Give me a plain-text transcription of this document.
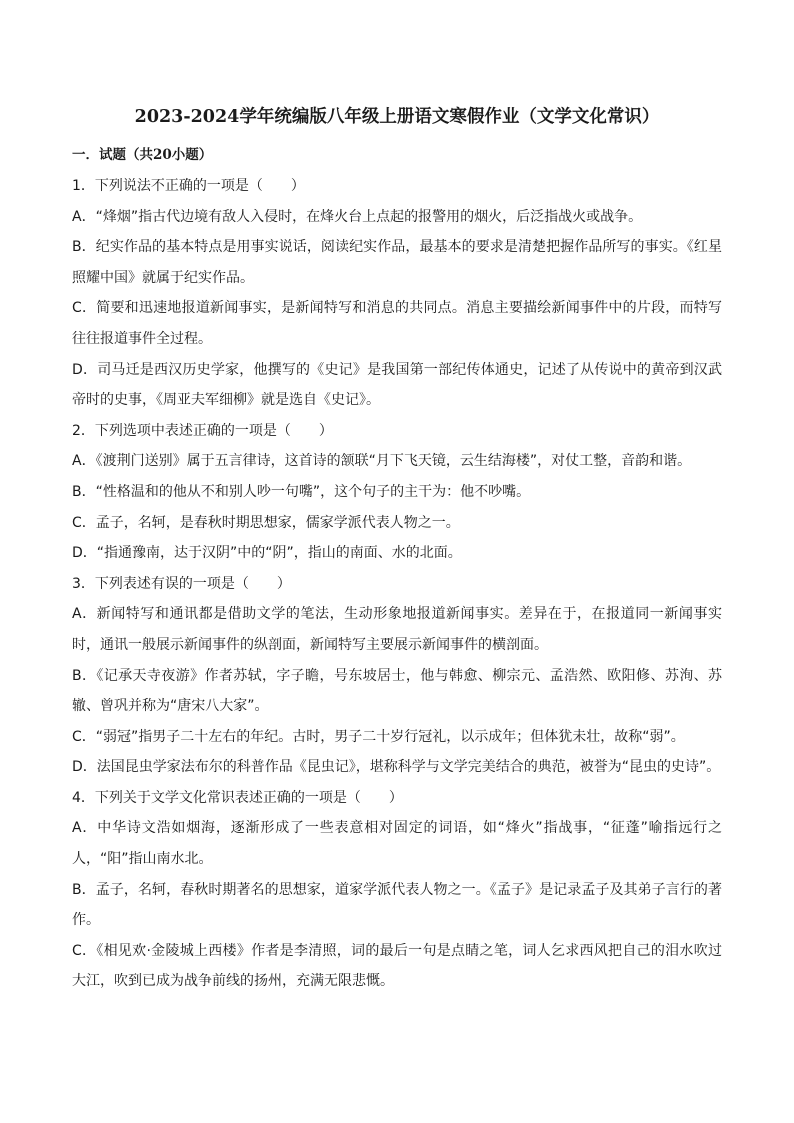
2023-2024学年统编版八年级上册语文寒假作业（文学文化常识）
一．试题（共20小题）

1．下列说法不正确的一项是（　　）

A．“烽烟”指古代边境有敌人入侵时，在烽火台上点起的报警用的烟火，后泛指战火或战争。

B．纪实作品的基本特点是用事实说话，阅读纪实作品，最基本的要求是清楚把握作品所写的事实。《红星照耀中国》就属于纪实作品。

C．简要和迅速地报道新闻事实，是新闻特写和消息的共同点。消息主要描绘新闻事件中的片段，而特写往往报道事件全过程。

D．司马迁是西汉历史学家，他撰写的《史记》是我国第一部纪传体通史，记述了从传说中的黄帝到汉武帝时的史事，《周亚夫军细柳》就是选自《史记》。

2．下列选项中表述正确的一项是（　　）

A．《渡荆门送别》属于五言律诗，这首诗的颔联“月下飞天镜，云生结海楼”，对仗工整，音韵和谐。

B．“性格温和的他从不和别人吵一句嘴”，这个句子的主干为：他不吵嘴。

C．孟子，名轲，是春秋时期思想家，儒家学派代表人物之一。

D．“指通豫南，达于汉阴”中的“阴”，指山的南面、水的北面。

3．下列表述有误的一项是（　　）

A．新闻特写和通讯都是借助文学的笔法，生动形象地报道新闻事实。差异在于，在报道同一新闻事实时，通讯一般展示新闻事件的纵剖面，新闻特写主要展示新闻事件的横剖面。

B．《记承天寺夜游》作者苏轼，字子瞻，号东坡居士，他与韩愈、柳宗元、孟浩然、欧阳修、苏洵、苏辙、曾巩并称为“唐宋八大家”。

C．“弱冠”指男子二十左右的年纪。古时，男子二十岁行冠礼，以示成年；但体犹未壮，故称“弱”。

D．法国昆虫学家法布尔的科普作品《昆虫记》，堪称科学与文学完美结合的典范，被誉为“昆虫的史诗”。

4．下列关于文学文化常识表述正确的一项是（　　）

A．中华诗文浩如烟海，逐渐形成了一些表意相对固定的词语，如“烽火”指战事，“征蓬”喻指远行之人，“阳”指山南水北。

B．孟子，名轲，春秋时期著名的思想家，道家学派代表人物之一。《孟子》是记录孟子及其弟子言行的著作。

C．《相见欢·金陵城上西楼》作者是李清照，词的最后一句是点睛之笔，词人乞求西风把自己的泪水吹过大江，吹到已成为战争前线的扬州，充满无限悲慨。
